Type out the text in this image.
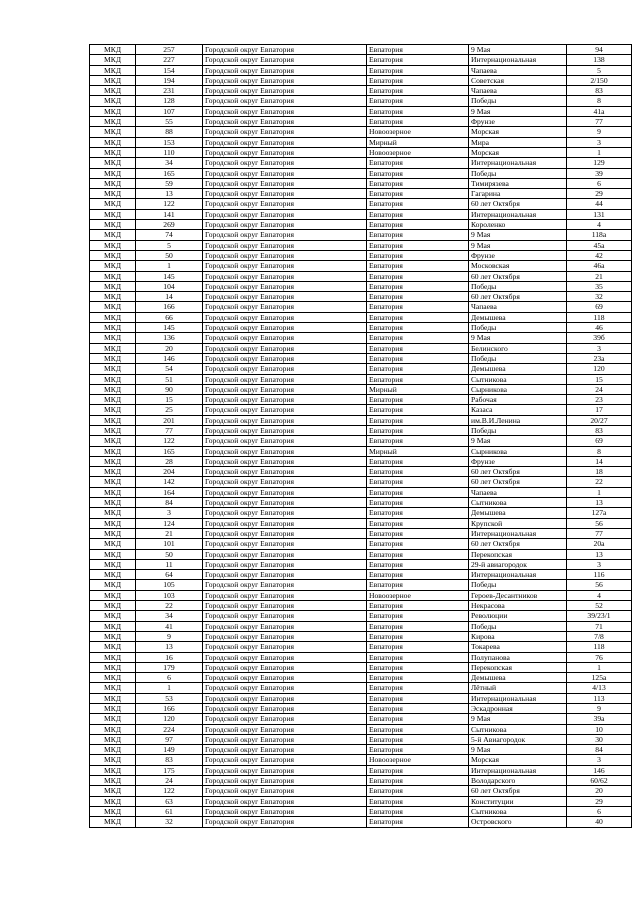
МКД	257	Городской округ Евпатория	Евпатория	9 Мая	94
МКД	227	Городской округ Евпатория	Евпатория	Интернациональная	138
МКД	154	Городской округ Евпатория	Евпатория	Чапаева	5
МКД	194	Городской округ Евпатория	Евпатория	Советская	2/150
МКД	231	Городской округ Евпатория	Евпатория	Чапаева	83
МКД	128	Городской округ Евпатория	Евпатория	Победы	8
МКД	107	Городской округ Евпатория	Евпатория	9 Мая	41а
МКД	55	Городской округ Евпатория	Евпатория	Фрунзе	77
МКД	88	Городской округ Евпатория	Новоозерное	Морская	9
МКД	153	Городской округ Евпатория	Мирный	Мира	3
МКД	110	Городской округ Евпатория	Новоозерное	Морская	1
МКД	34	Городской округ Евпатория	Евпатория	Интернациональная	129
МКД	165	Городской округ Евпатория	Евпатория	Победы	39
МКД	59	Городской округ Евпатория	Евпатория	Тимирязева	6
МКД	13	Городской округ Евпатория	Евпатория	Гагарина	29
МКД	122	Городской округ Евпатория	Евпатория	60 лет Октября	44
МКД	141	Городской округ Евпатория	Евпатория	Интернациональная	131
МКД	269	Городской округ Евпатория	Евпатория	Короленко	4
МКД	74	Городской округ Евпатория	Евпатория	9 Мая	118а
МКД	5	Городской округ Евпатория	Евпатория	9 Мая	45а
МКД	50	Городской округ Евпатория	Евпатория	Фрунзе	42
МКД	1	Городской округ Евпатория	Евпатория	Московская	46а
МКД	145	Городской округ Евпатория	Евпатория	60 лет Октября	21
МКД	104	Городской округ Евпатория	Евпатория	Победы	35
МКД	14	Городской округ Евпатория	Евпатория	60 лет Октября	32
МКД	166	Городской округ Евпатория	Евпатория	Чапаева	69
МКД	66	Городской округ Евпатория	Евпатория	Демышева	118
МКД	145	Городской округ Евпатория	Евпатория	Победы	46
МКД	136	Городской округ Евпатория	Евпатория	9 Мая	39б
МКД	20	Городской округ Евпатория	Евпатория	Белинского	3
МКД	146	Городской округ Евпатория	Евпатория	Победы	23а
МКД	54	Городской округ Евпатория	Евпатория	Демышева	120
МКД	51	Городской округ Евпатория	Евпатория	Сытникова	15
МКД	90	Городской округ Евпатория	Мирный	Сырникова	24
МКД	15	Городской округ Евпатория	Евпатория	Рабочая	23
МКД	25	Городской округ Евпатория	Евпатория	Казаса	17
МКД	201	Городской округ Евпатория	Евпатория	им.В.И.Ленина	20/27
МКД	77	Городской округ Евпатория	Евпатория	Победы	83
МКД	122	Городской округ Евпатория	Евпатория	9 Мая	69
МКД	165	Городской округ Евпатория	Мирный	Сырникова	8
МКД	28	Городской округ Евпатория	Евпатория	Фрунзе	14
МКД	204	Городской округ Евпатория	Евпатория	60 лет Октября	18
МКД	142	Городской округ Евпатория	Евпатория	60 лет Октября	22
МКД	164	Городской округ Евпатория	Евпатория	Чапаева	1
МКД	84	Городской округ Евпатория	Евпатория	Сытникова	13
МКД	3	Городской округ Евпатория	Евпатория	Демышева	127а
МКД	124	Городской округ Евпатория	Евпатория	Крупской	56
МКД	21	Городской округ Евпатория	Евпатория	Интернациональная	77
МКД	101	Городской округ Евпатория	Евпатория	60 лет Октября	20а
МКД	50	Городской округ Евпатория	Евпатория	Перекопская	13
МКД	11	Городской округ Евпатория	Евпатория	29-й авиагородок	3
МКД	64	Городской округ Евпатория	Евпатория	Интернациональная	116
МКД	105	Городской округ Евпатория	Евпатория	Победы	56
МКД	103	Городской округ Евпатория	Новоозерное	Героев-Десантников	4
МКД	22	Городской округ Евпатория	Евпатория	Некрасова	52
МКД	34	Городской округ Евпатория	Евпатория	Революции	39/23/1
МКД	41	Городской округ Евпатория	Евпатория	Победы	71
МКД	9	Городской округ Евпатория	Евпатория	Кирова	7/8
МКД	13	Городской округ Евпатория	Евпатория	Токарева	118
МКД	16	Городской округ Евпатория	Евпатория	Полупанова	76
МКД	179	Городской округ Евпатория	Евпатория	Перекопская	1
МКД	6	Городской округ Евпатория	Евпатория	Демышева	125а
МКД	1	Городской округ Евпатория	Евпатория	Лётный	4/13
МКД	53	Городской округ Евпатория	Евпатория	Интернациональная	113
МКД	166	Городской округ Евпатория	Евпатория	Эскадронная	9
МКД	120	Городской округ Евпатория	Евпатория	9 Мая	39а
МКД	224	Городской округ Евпатория	Евпатория	Сытникова	10
МКД	97	Городской округ Евпатория	Евпатория	5-й Авиагородок	30
МКД	149	Городской округ Евпатория	Евпатория	9 Мая	84
МКД	83	Городской округ Евпатория	Новоозерное	Морская	3
МКД	175	Городской округ Евпатория	Евпатория	Интернациональная	146
МКД	24	Городской округ Евпатория	Евпатория	Володарского	60/62
МКД	122	Городской округ Евпатория	Евпатория	60 лет Октября	20
МКД	63	Городской округ Евпатория	Евпатория	Конституции	29
МКД	61	Городской округ Евпатория	Евпатория	Сытникова	6
МКД	32	Городской округ Евпатория	Евпатория	Островского	40
